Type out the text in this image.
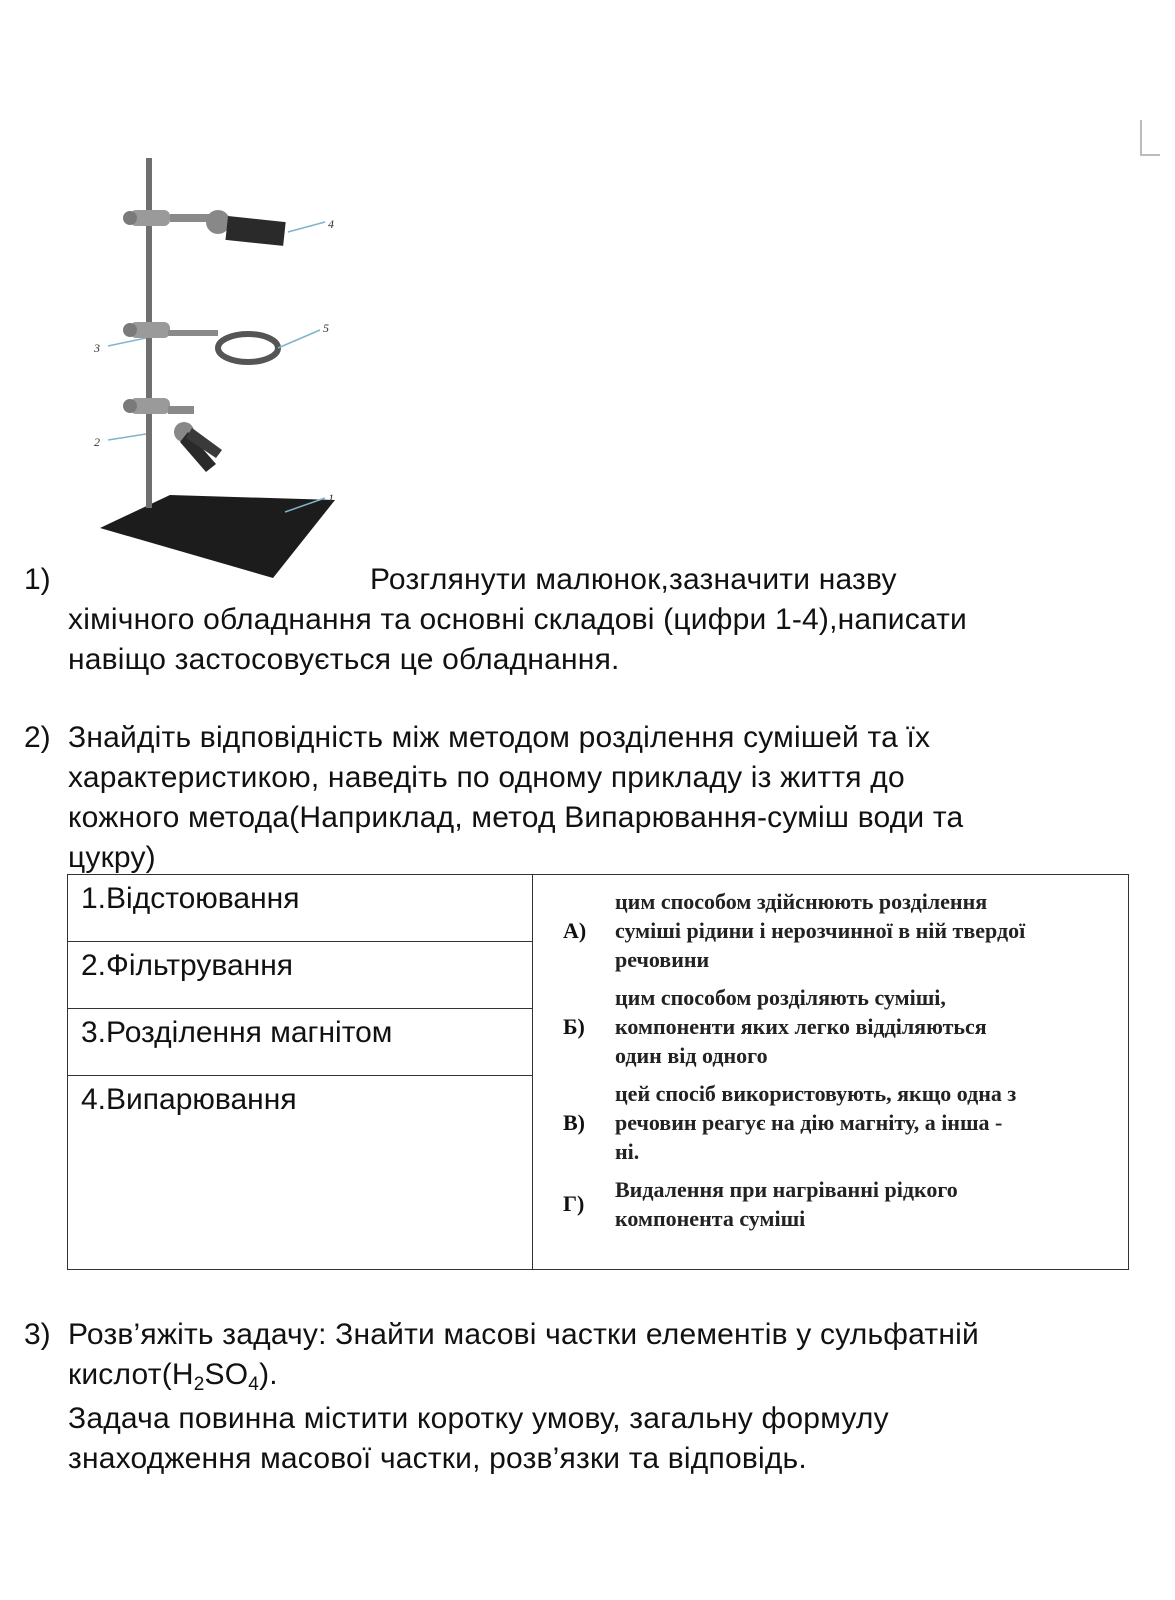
4
5
3
2
1
1)	Розглянути малюнок,зазначити назву

хімічного обладнання та основні складові (цифри 1-4),написати

навіщо застосовується це обладнання.

2) Знайдіть відповідність між методом розділення сумішей та їх

характеристикою, наведіть по одному прикладу із життя до

кожного метода(Наприклад, метод Випарювання-суміш води та

цукру)

1.Відстоювання
2.Фільтрування
3.Розділення магнітом
4.Випарювання
А)
цим способом здійснюють розділення
суміші рідини і нерозчинної в ній твердої
речовини
Б)
цим способом розділяють суміші,
компоненти яких легко відділяються
один від одного
В)
цей спосіб використовують, якщо одна з
речовин реагує на дію магніту, а інша -
ні.
Г)
Видалення при нагріванні рідкого
компонента суміші
3) Розв’яжіть задачу: Знайти масові частки елементів у сульфатній

$кислот(H_2SO_4)$.

Задача повинна містити коротку умову, загальну формулу

знаходження масової частки, розв’язки та відповідь.
